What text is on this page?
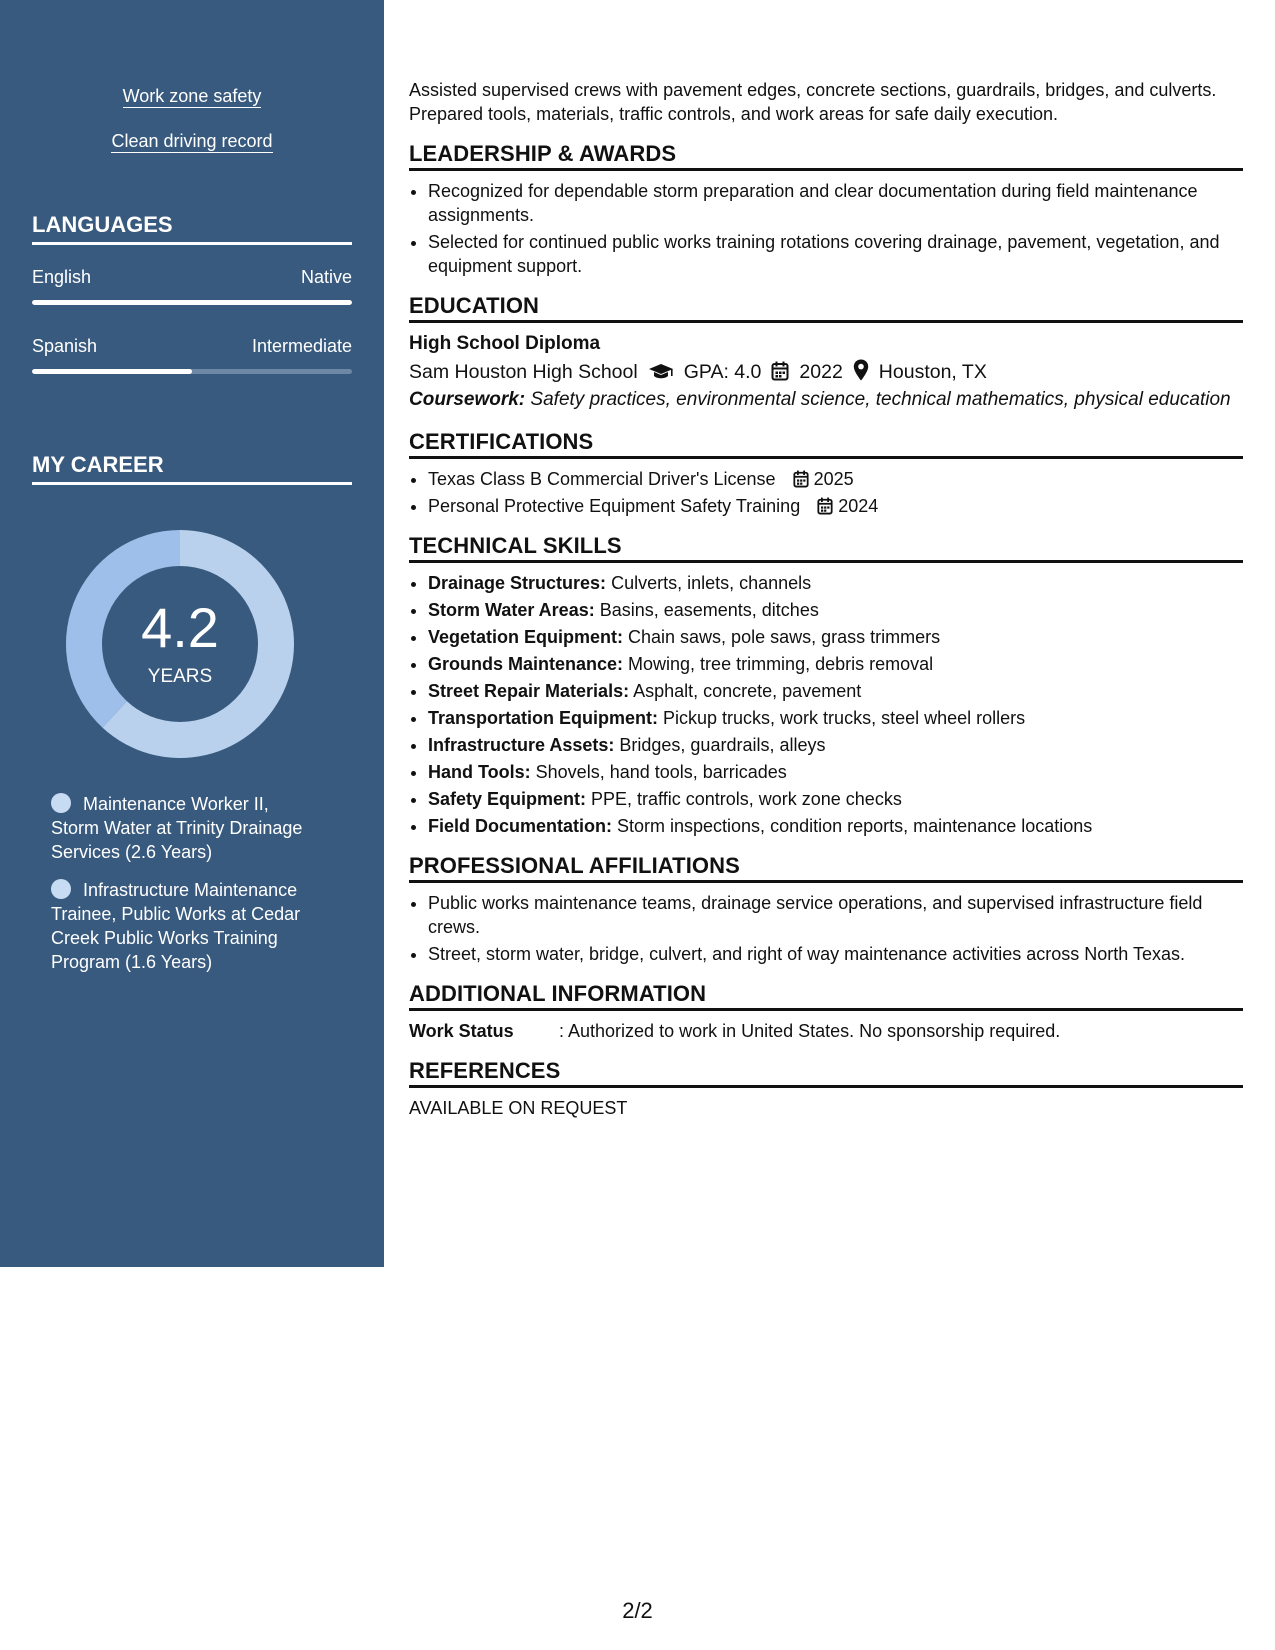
Work zone safety
Clean driving record
LANGUAGES
English	Native
Spanish	Intermediate
MY CAREER
4.2
YEARS
Maintenance Worker II, Storm Water at Trinity Drainage Services (2.6 Years)
Infrastructure Maintenance Trainee, Public Works at Cedar Creek Public Works Training Program (1.6 Years)

Assisted supervised crews with pavement edges, concrete sections, guardrails, bridges, and culverts. Prepared tools, materials, traffic controls, and work areas for safe daily execution.

LEADERSHIP & AWARDS
• Recognized for dependable storm preparation and clear documentation during field maintenance assignments.
• Selected for continued public works training rotations covering drainage, pavement, vegetation, and equipment support.
EDUCATION
High School Diploma
Sam Houston High School GPA: 4.0 2022 Houston, TX
Coursework: Safety practices, environmental science, technical mathematics, physical education
CERTIFICATIONS
• Texas Class B Commercial Driver's License 2025
• Personal Protective Equipment Safety Training 2024
TECHNICAL SKILLS
• Drainage Structures: Culverts, inlets, channels
• Storm Water Areas: Basins, easements, ditches
• Vegetation Equipment: Chain saws, pole saws, grass trimmers
• Grounds Maintenance: Mowing, tree trimming, debris removal
• Street Repair Materials: Asphalt, concrete, pavement
• Transportation Equipment: Pickup trucks, work trucks, steel wheel rollers
• Infrastructure Assets: Bridges, guardrails, alleys
• Hand Tools: Shovels, hand tools, barricades
• Safety Equipment: PPE, traffic controls, work zone checks
• Field Documentation: Storm inspections, condition reports, maintenance locations
PROFESSIONAL AFFILIATIONS
• Public works maintenance teams, drainage service operations, and supervised infrastructure field crews.
• Street, storm water, bridge, culvert, and right of way maintenance activities across North Texas.
ADDITIONAL INFORMATION
Work Status	: Authorized to work in United States. No sponsorship required.
REFERENCES

AVAILABLE ON REQUEST

2/2
